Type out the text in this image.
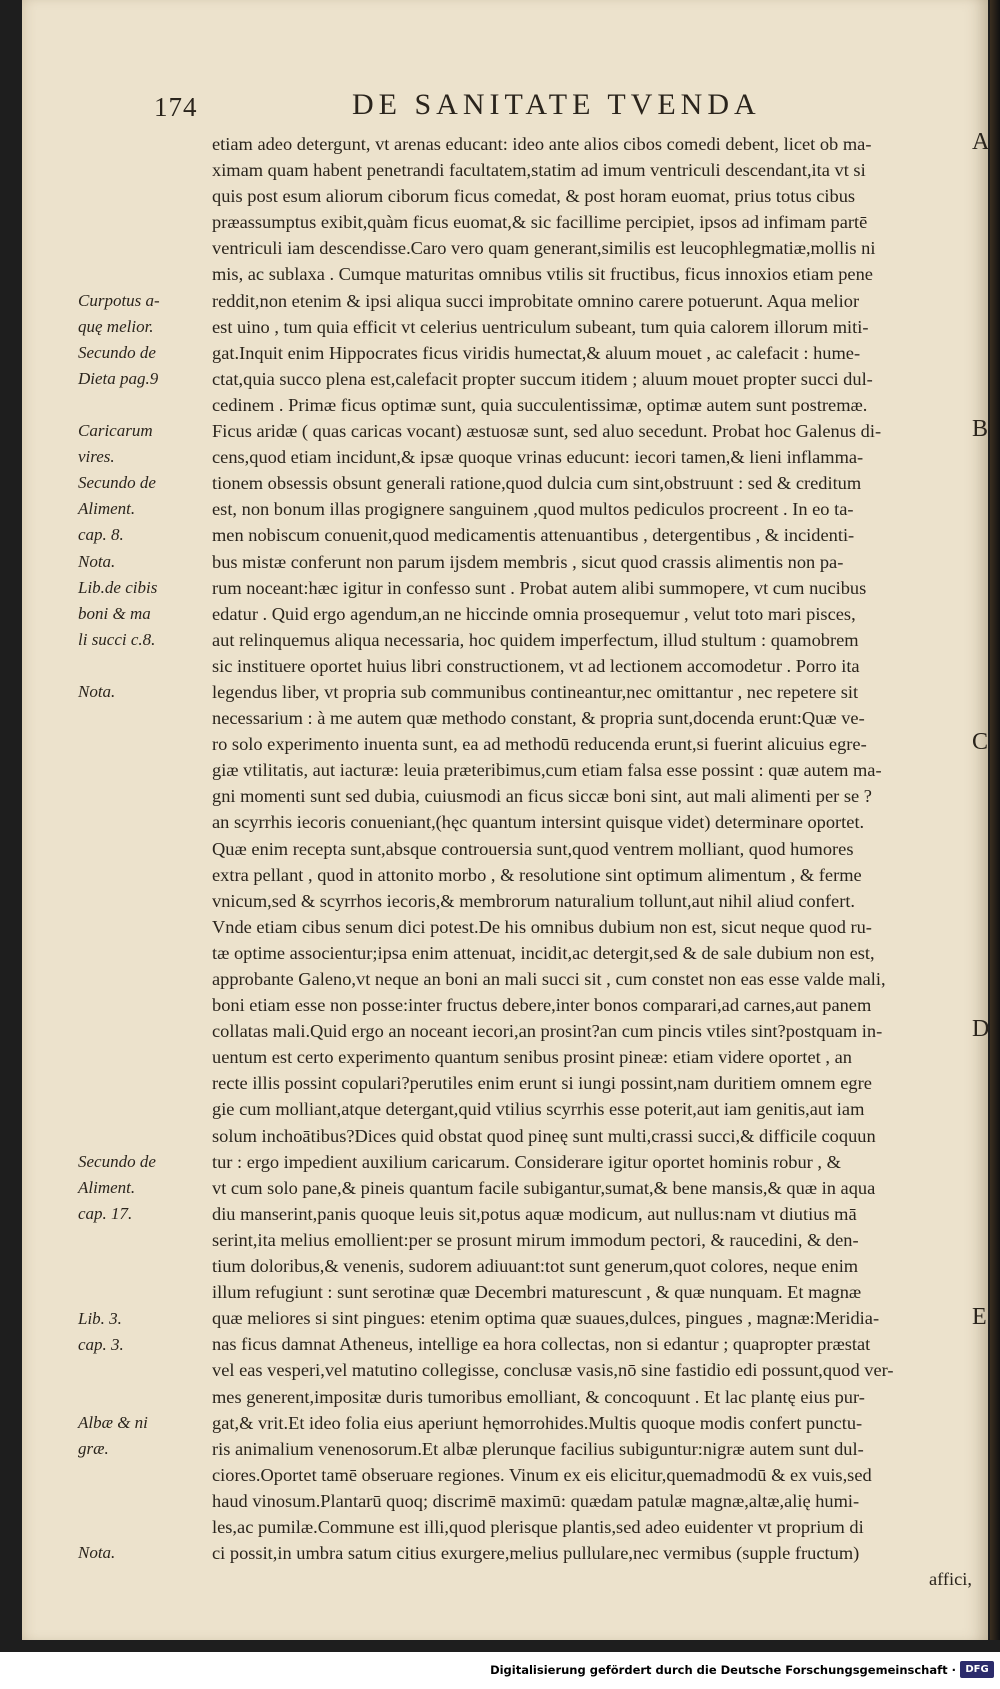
174	DE SANITATE TVENDA
etiam adeo detergunt, vt arenas educant: ideo ante alios cibos comedi debent, licet ob ma-
ximam quam habent penetrandi facultatem,statim ad imum ventriculi descendant,ita vt si
quis post esum aliorum ciborum ficus comedat, & post horam euomat, prius totus cibus
præassumptus exibit,quàm ficus euomat,& sic facillime percipiet, ipsos ad infimam partē
ventriculi iam descendisse.Caro vero quam generant,similis est leucophlegmatiæ,mollis ni
mis, ac sublaxa . Cumque maturitas omnibus vtilis sit fructibus, ficus innoxios etiam pene
reddit,non etenim & ipsi aliqua succi improbitate omnino carere potuerunt. Aqua melior
est uino , tum quia efficit vt celerius uentriculum subeant, tum quia calorem illorum miti-
gat.Inquit enim Hippocrates ficus viridis humectat,& aluum mouet , ac calefacit : hume-
ctat,quia succo plena est,calefacit propter succum itidem ; aluum mouet propter succi dul-
cedinem . Primæ ficus optimæ sunt, quia succulentissimæ, optimæ autem sunt postremæ.
Ficus aridæ ( quas caricas vocant) æstuosæ sunt, sed aluo secedunt. Probat hoc Galenus di-
cens,quod etiam incidunt,& ipsæ quoque vrinas educunt: iecori tamen,& lieni inflamma-
tionem obsessis obsunt generali ratione,quod dulcia cum sint,obstruunt : sed & creditum
est, non bonum illas progignere sanguinem ,quod multos pediculos procreent . In eo ta-
men nobiscum conuenit,quod medicamentis attenuantibus , detergentibus , & incidenti-
bus mistæ conferunt non parum ijsdem membris , sicut quod crassis alimentis non pa-
rum noceant:hæc igitur in confesso sunt . Probat autem alibi summopere, vt cum nucibus
edatur . Quid ergo agendum,an ne hiccinde omnia prosequemur , velut toto mari pisces,
aut relinquemus aliqua necessaria, hoc quidem imperfectum, illud stultum : quamobrem
sic instituere oportet huius libri constructionem, vt ad lectionem accomodetur . Porro ita
legendus liber, vt propria sub communibus contineantur,nec omittantur , nec repetere sit
necessarium : à me autem quæ methodo constant, & propria sunt,docenda erunt:Quæ ve-
ro solo experimento inuenta sunt, ea ad methodū reducenda erunt,si fuerint alicuius egre-
giæ vtilitatis, aut iacturæ: leuia præteribimus,cum etiam falsa esse possint : quæ autem ma-
gni momenti sunt sed dubia, cuiusmodi an ficus siccæ boni sint, aut mali alimenti per se ?
an scyrrhis iecoris conueniant,(hęc quantum intersint quisque videt) determinare oportet.
Quæ enim recepta sunt,absque controuersia sunt,quod ventrem molliant, quod humores
extra pellant , quod in attonito morbo , & resolutione sint optimum alimentum , & ferme
vnicum,sed & scyrrhos iecoris,& membrorum naturalium tollunt,aut nihil aliud confert.
Vnde etiam cibus senum dici potest.De his omnibus dubium non est, sicut neque quod ru-
tæ optime associentur;ipsa enim attenuat, incidit,ac detergit,sed & de sale dubium non est,
approbante Galeno,vt neque an boni an mali succi sit , cum constet non eas esse valde mali,
boni etiam esse non posse:inter fructus debere,inter bonos comparari,ad carnes,aut panem
collatas mali.Quid ergo an noceant iecori,an prosint?an cum pincis vtiles sint?postquam in-
uentum est certo experimento quantum senibus prosint pineæ: etiam videre oportet , an
recte illis possint copulari?perutiles enim erunt si iungi possint,nam duritiem omnem egre
gie cum molliant,atque detergant,quid vtilius scyrrhis esse poterit,aut iam genitis,aut iam
solum inchoātibus?Dices quid obstat quod pineę sunt multi,crassi succi,& difficile coquun
tur : ergo impedient auxilium caricarum. Considerare igitur oportet hominis robur , &
vt cum solo pane,& pineis quantum facile subigantur,sumat,& bene mansis,& quæ in aqua
diu manserint,panis quoque leuis sit,potus aquæ modicum, aut nullus:nam vt diutius mā
serint,ita melius emollient:per se prosunt mirum immodum pectori, & raucedini, & den-
tium doloribus,& venenis, sudorem adiuuant:tot sunt generum,quot colores, neque enim
illum refugiunt : sunt serotinæ quæ Decembri maturescunt , & quæ nunquam. Et magnæ
quæ meliores si sint pingues: etenim optima quæ suaues,dulces, pingues , magnæ:Meridia-
nas ficus damnat Atheneus, intellige ea hora collectas, non si edantur ; quapropter præstat
vel eas vesperi,vel matutino collegisse, conclusæ vasis,nō sine fastidio edi possunt,quod ver-
mes generent,impositæ duris tumoribus emolliant, & concoquunt . Et lac plantę eius pur-
gat,& vrit.Et ideo folia eius aperiunt hęmorrohides.Multis quoque modis confert punctu-
ris animalium venenosorum.Et albæ plerunque facilius subiguntur:nigræ autem sunt dul-
ciores.Oportet tamē obseruare regiones. Vinum ex eis elicitur,quemadmodū & ex vuis,sed
haud vinosum.Plantarū quoq; discrimē maximū: quædam patulæ magnæ,altæ,alię humi-
les,ac pumilæ.Commune est illi,quod plerisque plantis,sed adeo euidenter vt proprium di
ci possit,in umbra satum citius exurgere,melius pullulare,nec vermibus (supple fructum)
affici,
Curpotus a-
quę melior.
Secundo de
Dieta pag.9
Caricarum
vires.
Secundo de
Aliment.
cap. 8.
Nota.
Lib.de cibis
boni & ma
li succi c.8.
Nota.
Secundo de
Aliment.
cap. 17.
Lib. 3.
cap. 3.
Albæ & ni
græ.
Nota.
A
B
C
D
E
Digitalisierung gefördert durch die Deutsche Forschungsgemeinschaft · DFG
